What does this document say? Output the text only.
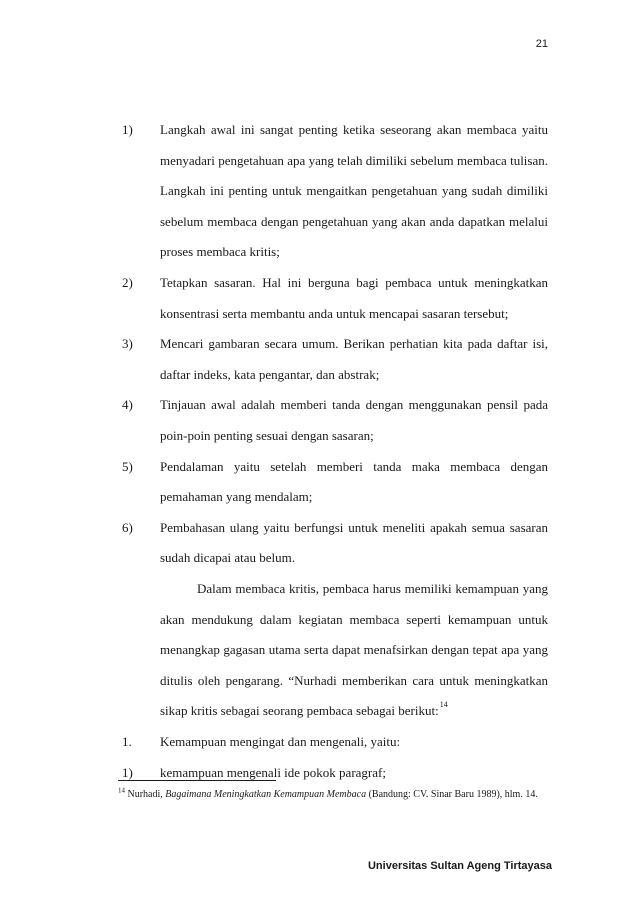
21
1) Langkah awal ini sangat penting ketika seseorang akan membaca yaitu
menyadari pengetahuan apa yang telah dimiliki sebelum membaca tulisan.
Langkah ini penting untuk mengaitkan pengetahuan yang sudah dimiliki
sebelum membaca dengan pengetahuan yang akan anda dapatkan melalui
proses membaca kritis;
2) Tetapkan sasaran. Hal ini berguna bagi pembaca untuk meningkatkan
konsentrasi serta membantu anda untuk mencapai sasaran tersebut;
3) Mencari gambaran secara umum. Berikan perhatian kita pada daftar isi,
daftar indeks, kata pengantar, dan abstrak;
4) Tinjauan awal adalah memberi tanda dengan menggunakan pensil pada
poin-poin penting sesuai dengan sasaran;
5) Pendalaman yaitu setelah memberi tanda maka membaca dengan
pemahaman yang mendalam;
6) Pembahasan ulang yaitu berfungsi untuk meneliti apakah semua sasaran
sudah dicapai atau belum.
Dalam membaca kritis, pembaca harus memiliki kemampuan yang
akan mendukung dalam kegiatan membaca seperti kemampuan untuk
menangkap gagasan utama serta dapat menafsirkan dengan tepat apa yang
ditulis oleh pengarang. “Nurhadi memberikan cara untuk meningkatkan
sikap kritis sebagai seorang pembaca sebagai berikut: 14
1. Kemampuan mengingat dan mengenali, yaitu:
1) kemampuan mengenali ide pokok paragraf;
$^{14}$ Nurhadi, Bagaimana Meningkatkan Kemampuan Membaca (Bandung: CV. Sinar Baru 1989), hlm. 14.
Universitas Sultan Ageng Tirtayasa
